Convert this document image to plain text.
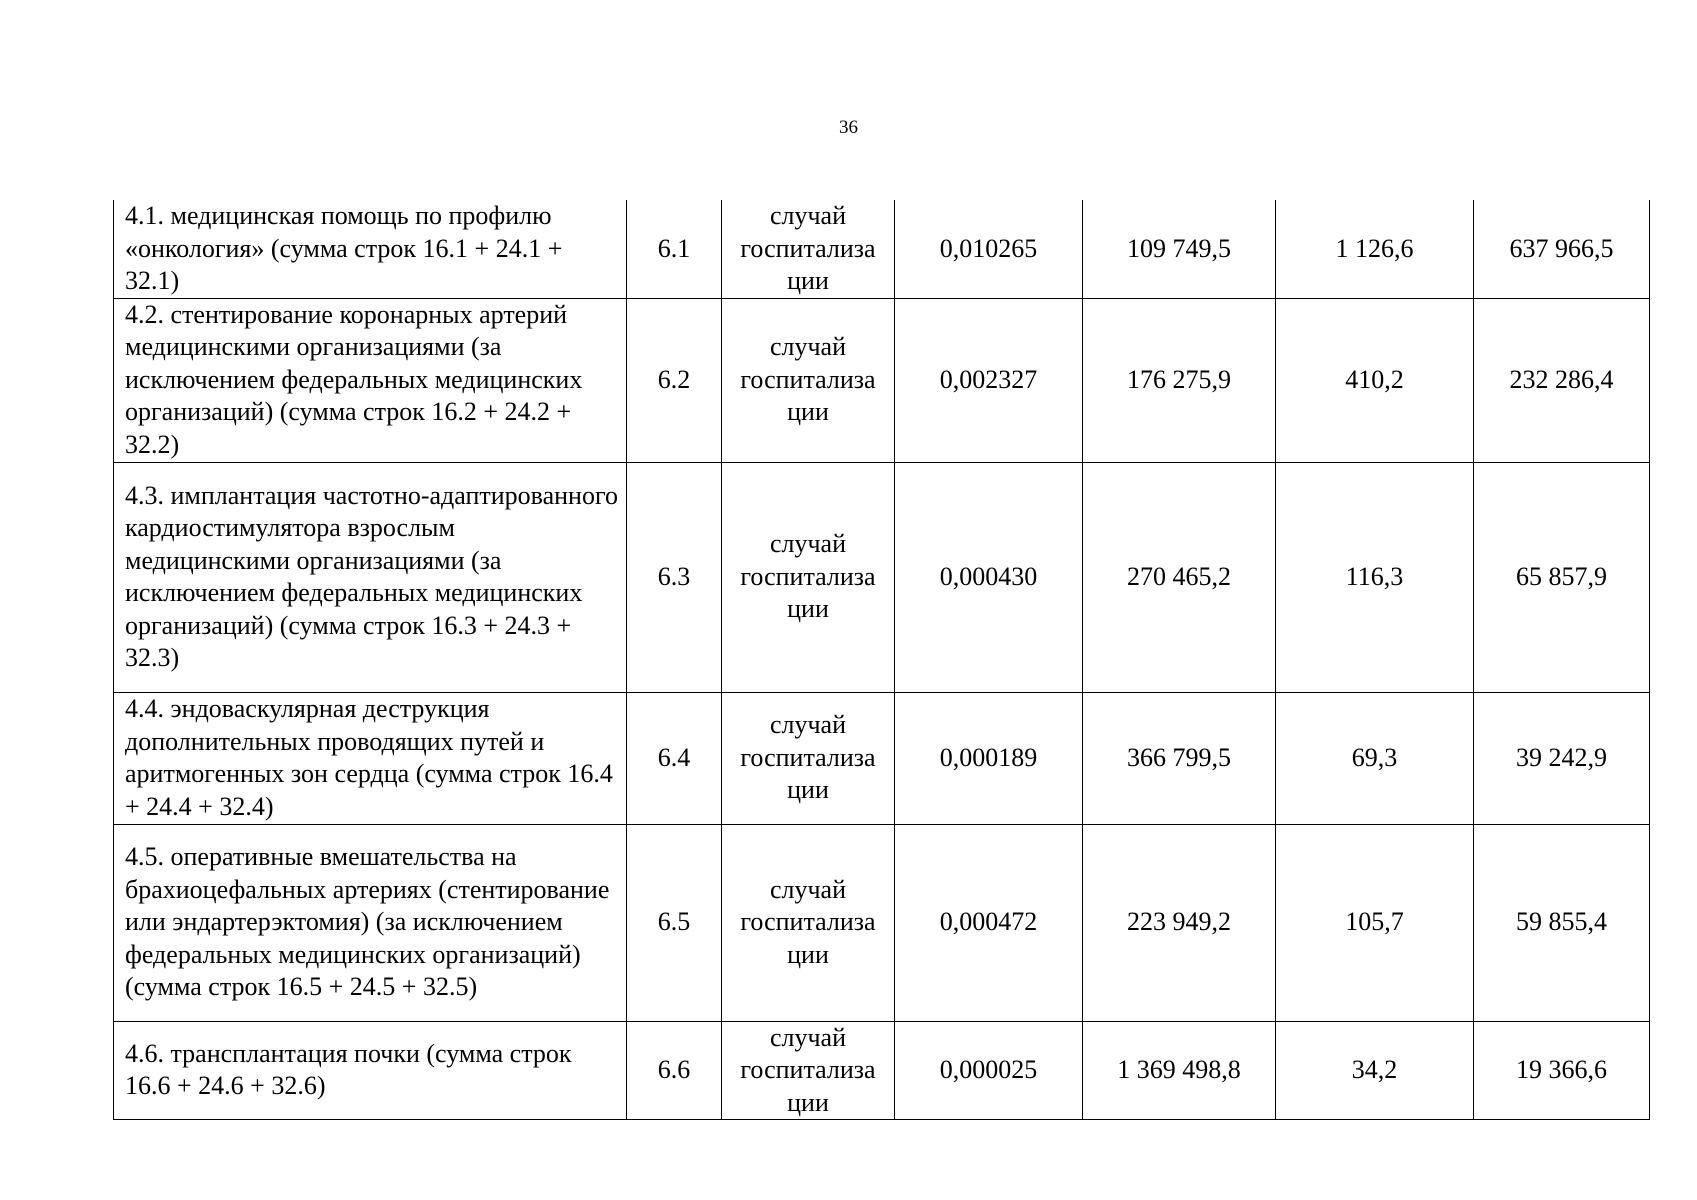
36
4.1. медицинская помощь по профилю «онкология» (сумма строк 16.1 + 24.1 + 32.1)	6.1	случай госпитализа ции	0,010265	109 749,5	1 126,6	637 966,5
4.2. стентирование коронарных артерий медицинскими организациями (за исключением федеральных медицинских организаций) (сумма строк 16.2 + 24.2 + 32.2)	6.2	случай госпитализа ции	0,002327	176 275,9	410,2	232 286,4
4.3. имплантация частотно-адаптированного кардиостимулятора взрослым медицинскими организациями (за исключением федеральных медицинских организаций) (сумма строк 16.3 + 24.3 + 32.3)	6.3	случай госпитализа ции	0,000430	270 465,2	116,3	65 857,9
4.4. эндоваскулярная деструкция дополнительных проводящих путей и аритмогенных зон сердца (сумма строк 16.4 + 24.4 + 32.4)	6.4	случай госпитализа ции	0,000189	366 799,5	69,3	39 242,9
4.5. оперативные вмешательства на брахиоцефальных артериях (стентирование или эндартерэктомия) (за исключением федеральных медицинских организаций) (сумма строк 16.5 + 24.5 + 32.5)	6.5	случай госпитализа ции	0,000472	223 949,2	105,7	59 855,4
4.6. трансплантация почки (сумма строк 16.6 + 24.6 + 32.6)	6.6	случай госпитализа ции	0,000025	1 369 498,8	34,2	19 366,6
